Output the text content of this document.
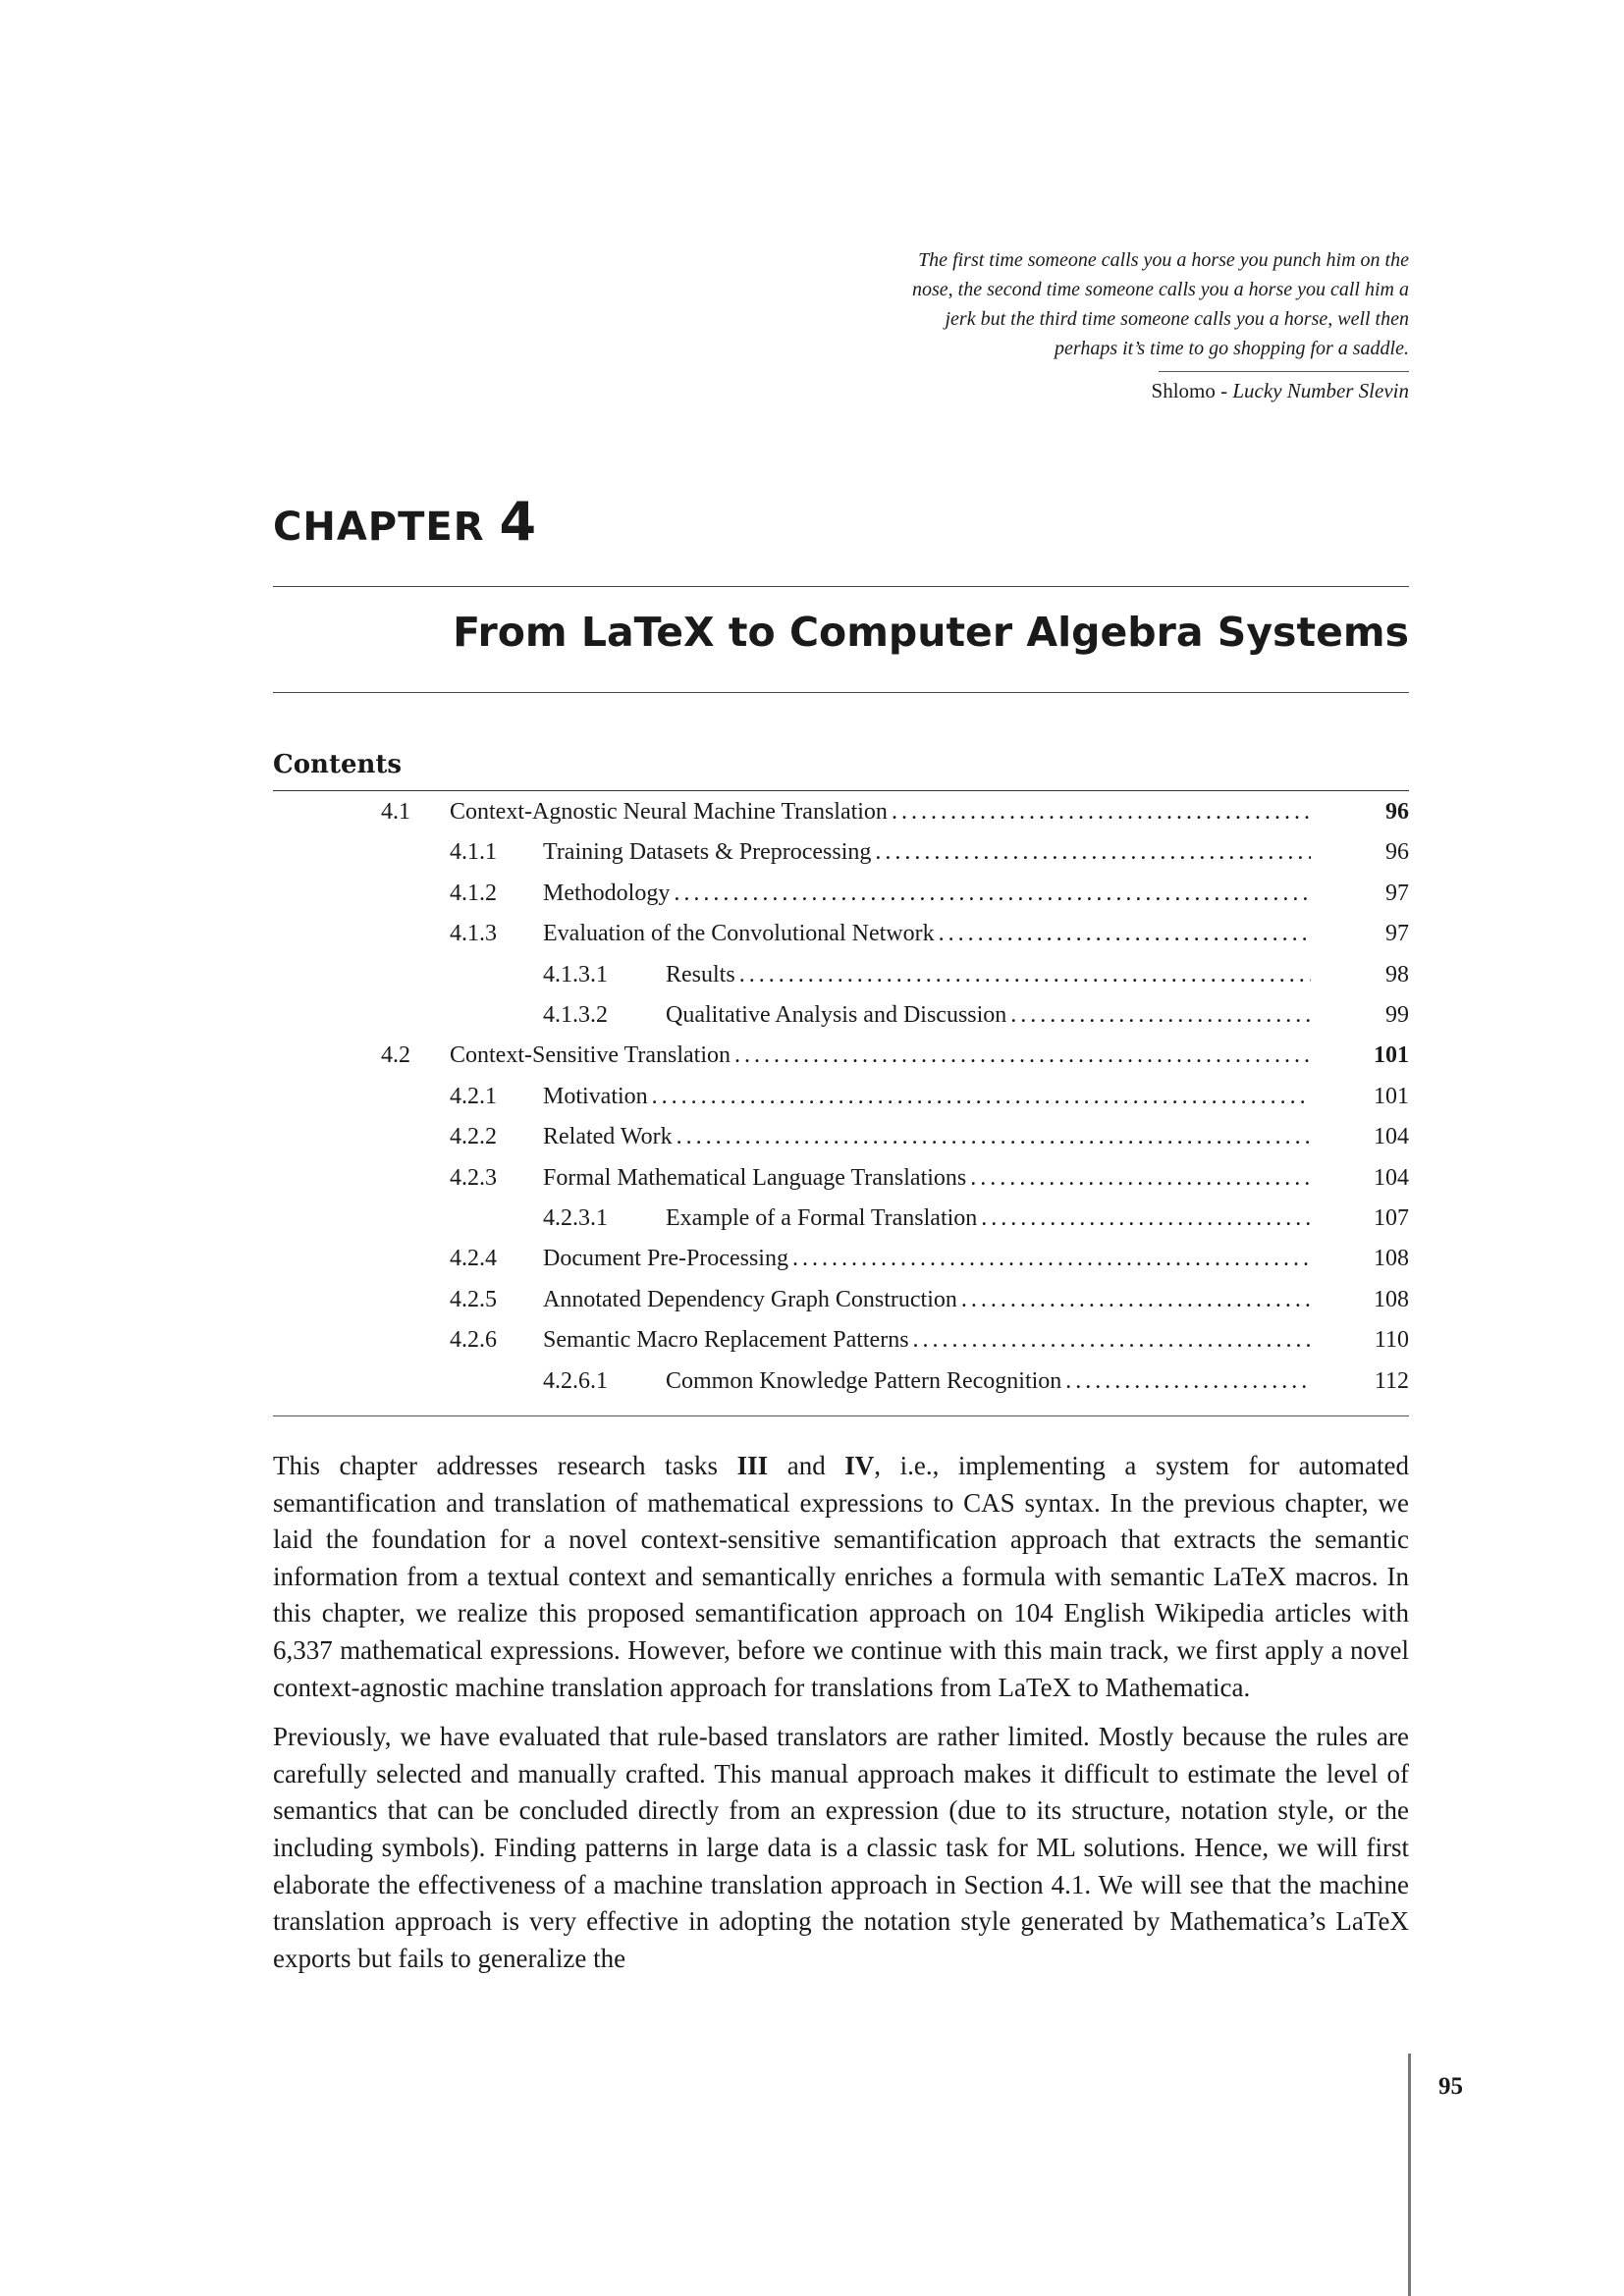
The first time someone calls you a horse you punch him on the
nose, the second time someone calls you a horse you call him a
jerk but the third time someone calls you a horse, well then
perhaps it’s time to go shopping for a saddle.
Shlomo - Lucky Number Slevin
CHAPTER 4
From LaTeX to Computer Algebra Systems
Contents
4.1 Context-Agnostic Neural Machine Translation .....	96
4.1.1 Training Datasets & Preprocessing .....	96
4.1.2 Methodology .....	97
4.1.3 Evaluation of the Convolutional Network .....	97
4.1.3.1 Results .....	98
4.1.3.2 Qualitative Analysis and Discussion .....	99
4.2 Context-Sensitive Translation .....	101
4.2.1 Motivation .....	101
4.2.2 Related Work .....	104
4.2.3 Formal Mathematical Language Translations .....	104
4.2.3.1 Example of a Formal Translation .....	107
4.2.4 Document Pre-Processing .....	108
4.2.5 Annotated Dependency Graph Construction .....	108
4.2.6 Semantic Macro Replacement Patterns .....	110
4.2.6.1 Common Knowledge Pattern Recognition .....	112

This chapter addresses research tasks III and IV, i.e., implementing a system for automated semantification and translation of mathematical expressions to CAS syntax. In the previous chapter, we laid the foundation for a novel context-sensitive semantification approach that extracts the semantic information from a textual context and semantically enriches a formula with semantic LaTeX macros. In this chapter, we realize this proposed semantification approach on 104 English Wikipedia articles with 6,337 mathematical expressions. However, before we continue with this main track, we first apply a novel context-agnostic machine translation approach for translations from LaTeX to Mathematica.

Previously, we have evaluated that rule-based translators are rather limited. Mostly because the rules are carefully selected and manually crafted. This manual approach makes it difficult to estimate the level of semantics that can be concluded directly from an expression (due to its structure, notation style, or the including symbols). Finding patterns in large data is a classic task for ML solutions. Hence, we will first elaborate the effectiveness of a machine translation approach in Section 4.1. We will see that the machine translation approach is very effective in adopting the notation style generated by Mathematica’s LaTeX exports but fails to generalize the

95
